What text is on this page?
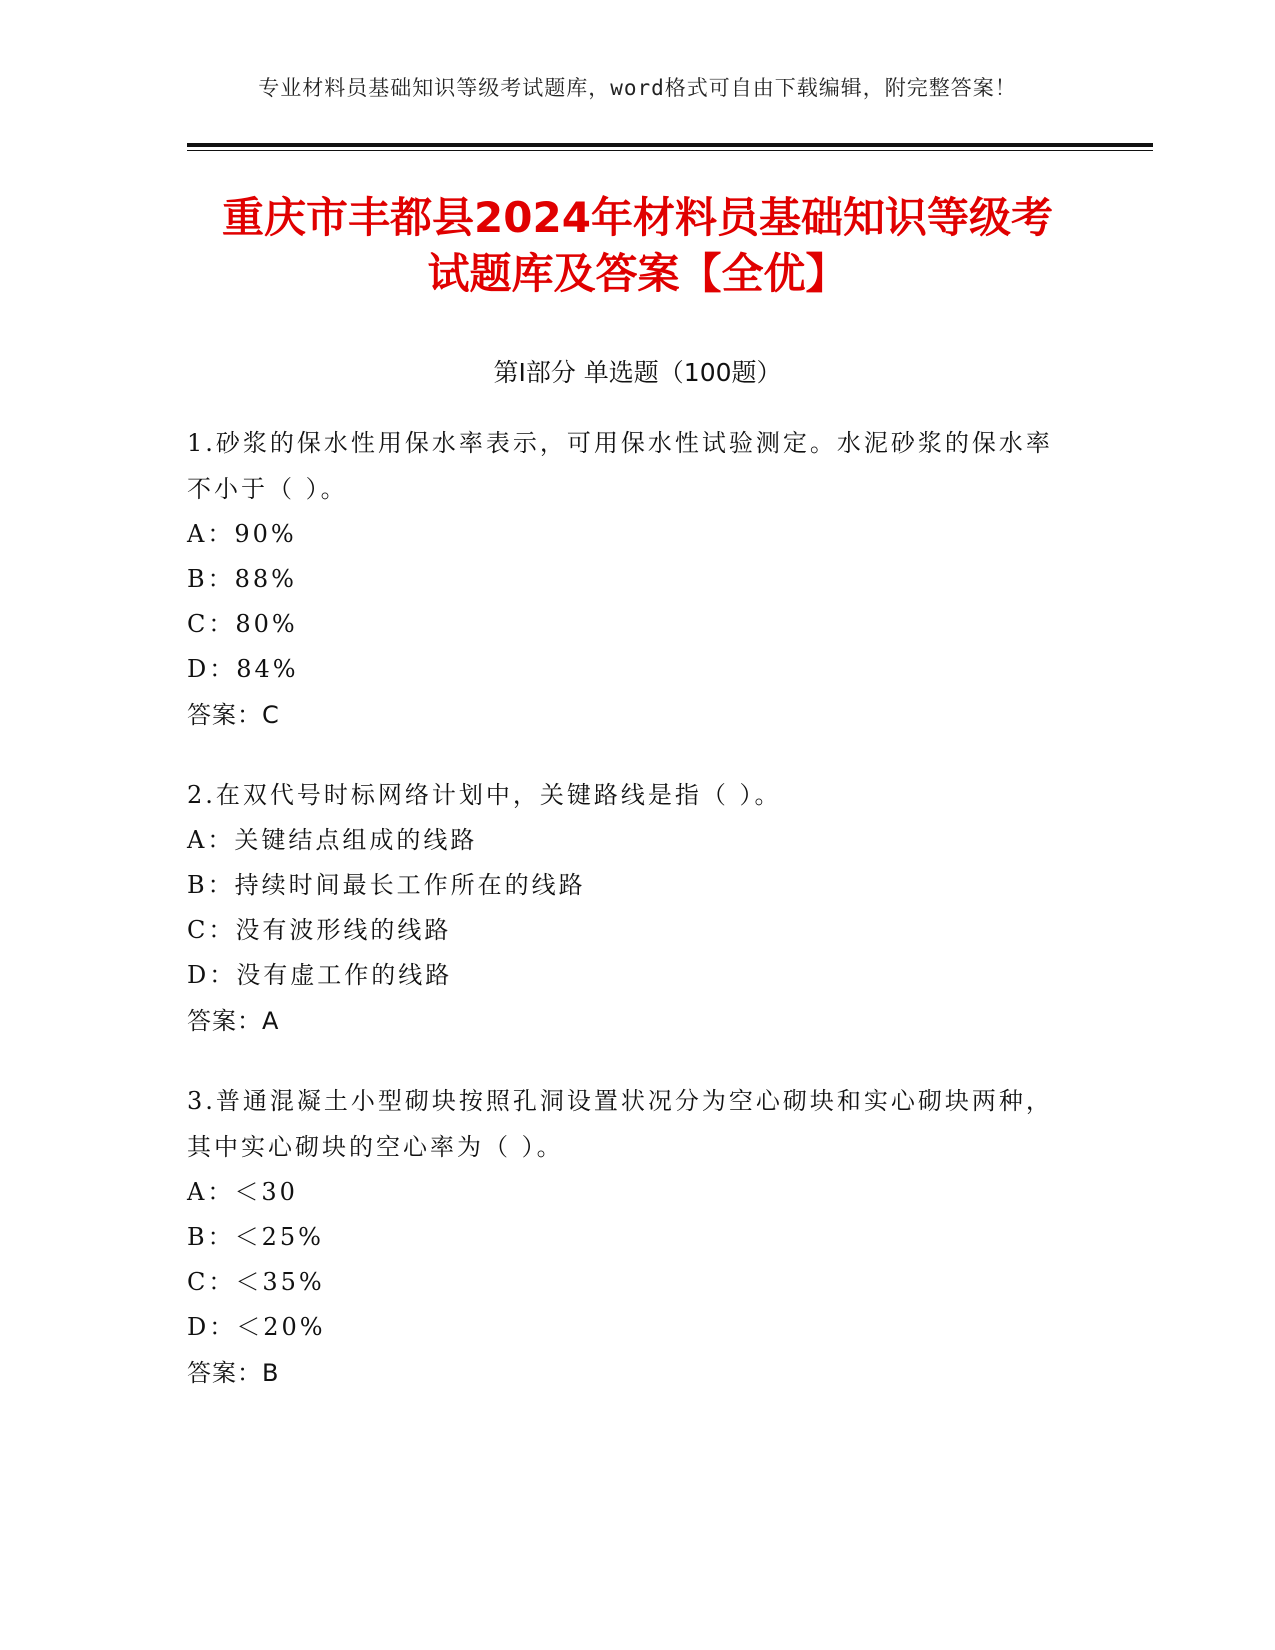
专业材料员基础知识等级考试题库，word格式可自由下载编辑，附完整答案！
重庆市丰都县2024年材料员基础知识等级考
试题库及答案【全优】
第Ⅰ部分 单选题（100题）
1.砂浆的保水性用保水率表示，可用保水性试验测定。水泥砂浆的保水率不小于（ ）。
A：90%
B：88%
C：80%
D：84%
答案：C
2.在双代号时标网络计划中，关键路线是指（ ）。
A：关键结点组成的线路
B：持续时间最长工作所在的线路
C：没有波形线的线路
D：没有虚工作的线路
答案：A
3.普通混凝土小型砌块按照孔洞设置状况分为空心砌块和实心砌块两种，其中实心砌块的空心率为（ ）。
A：＜30
B：＜25%
C：＜35%
D：＜20%
答案：B
